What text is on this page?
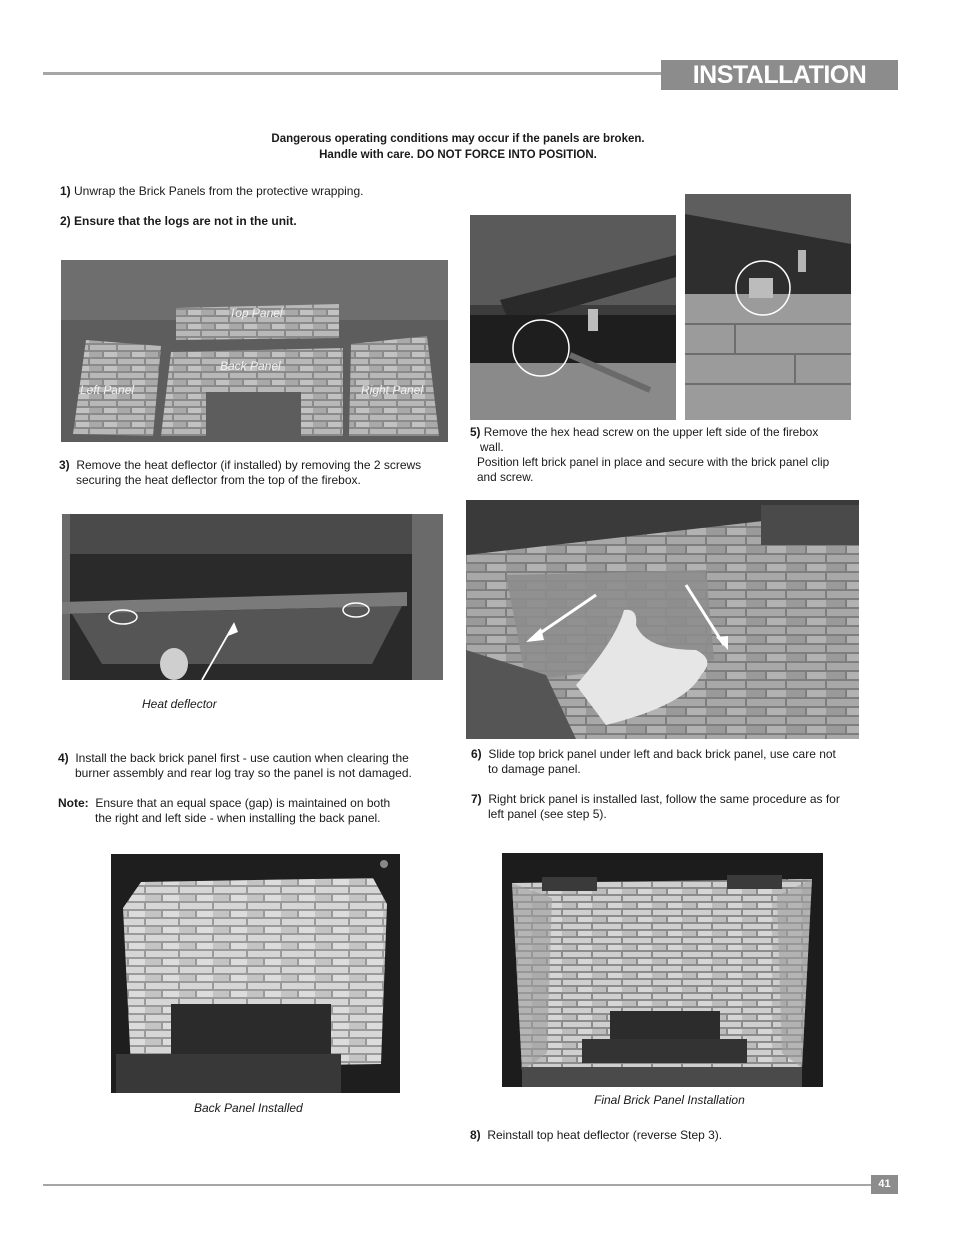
INSTALLATION
Dangerous operating conditions may occur if the panels are broken.
Handle with care. DO NOT FORCE INTO POSITION.
1) Unwrap the Brick Panels from the protective wrapping.
2) Ensure that the logs are not in the unit.
Top Panel
Back Panel
Left Panel	Right Panel
3) Remove the heat deflector (if installed) by removing the 2 screws
securing the heat deflector from the top of the firebox.
Heat deflector
4) Install the back brick panel first - use caution when clearing the
burner assembly and rear log tray so the panel is not damaged.
Note: Ensure that an equal space (gap) is maintained on both
the right and left side - when installing the back panel.
Back Panel Installed
5) Remove the hex head screw on the upper left side of the firebox
wall.
Position left brick panel in place and secure with the brick panel clip
and screw.
6) Slide top brick panel under left and back brick panel, use care not
to damage panel.
7) Right brick panel is installed last, follow the same procedure as for
left panel (see step 5).
Final Brick Panel Installation
8) Reinstall top heat deflector (reverse Step 3).
41
